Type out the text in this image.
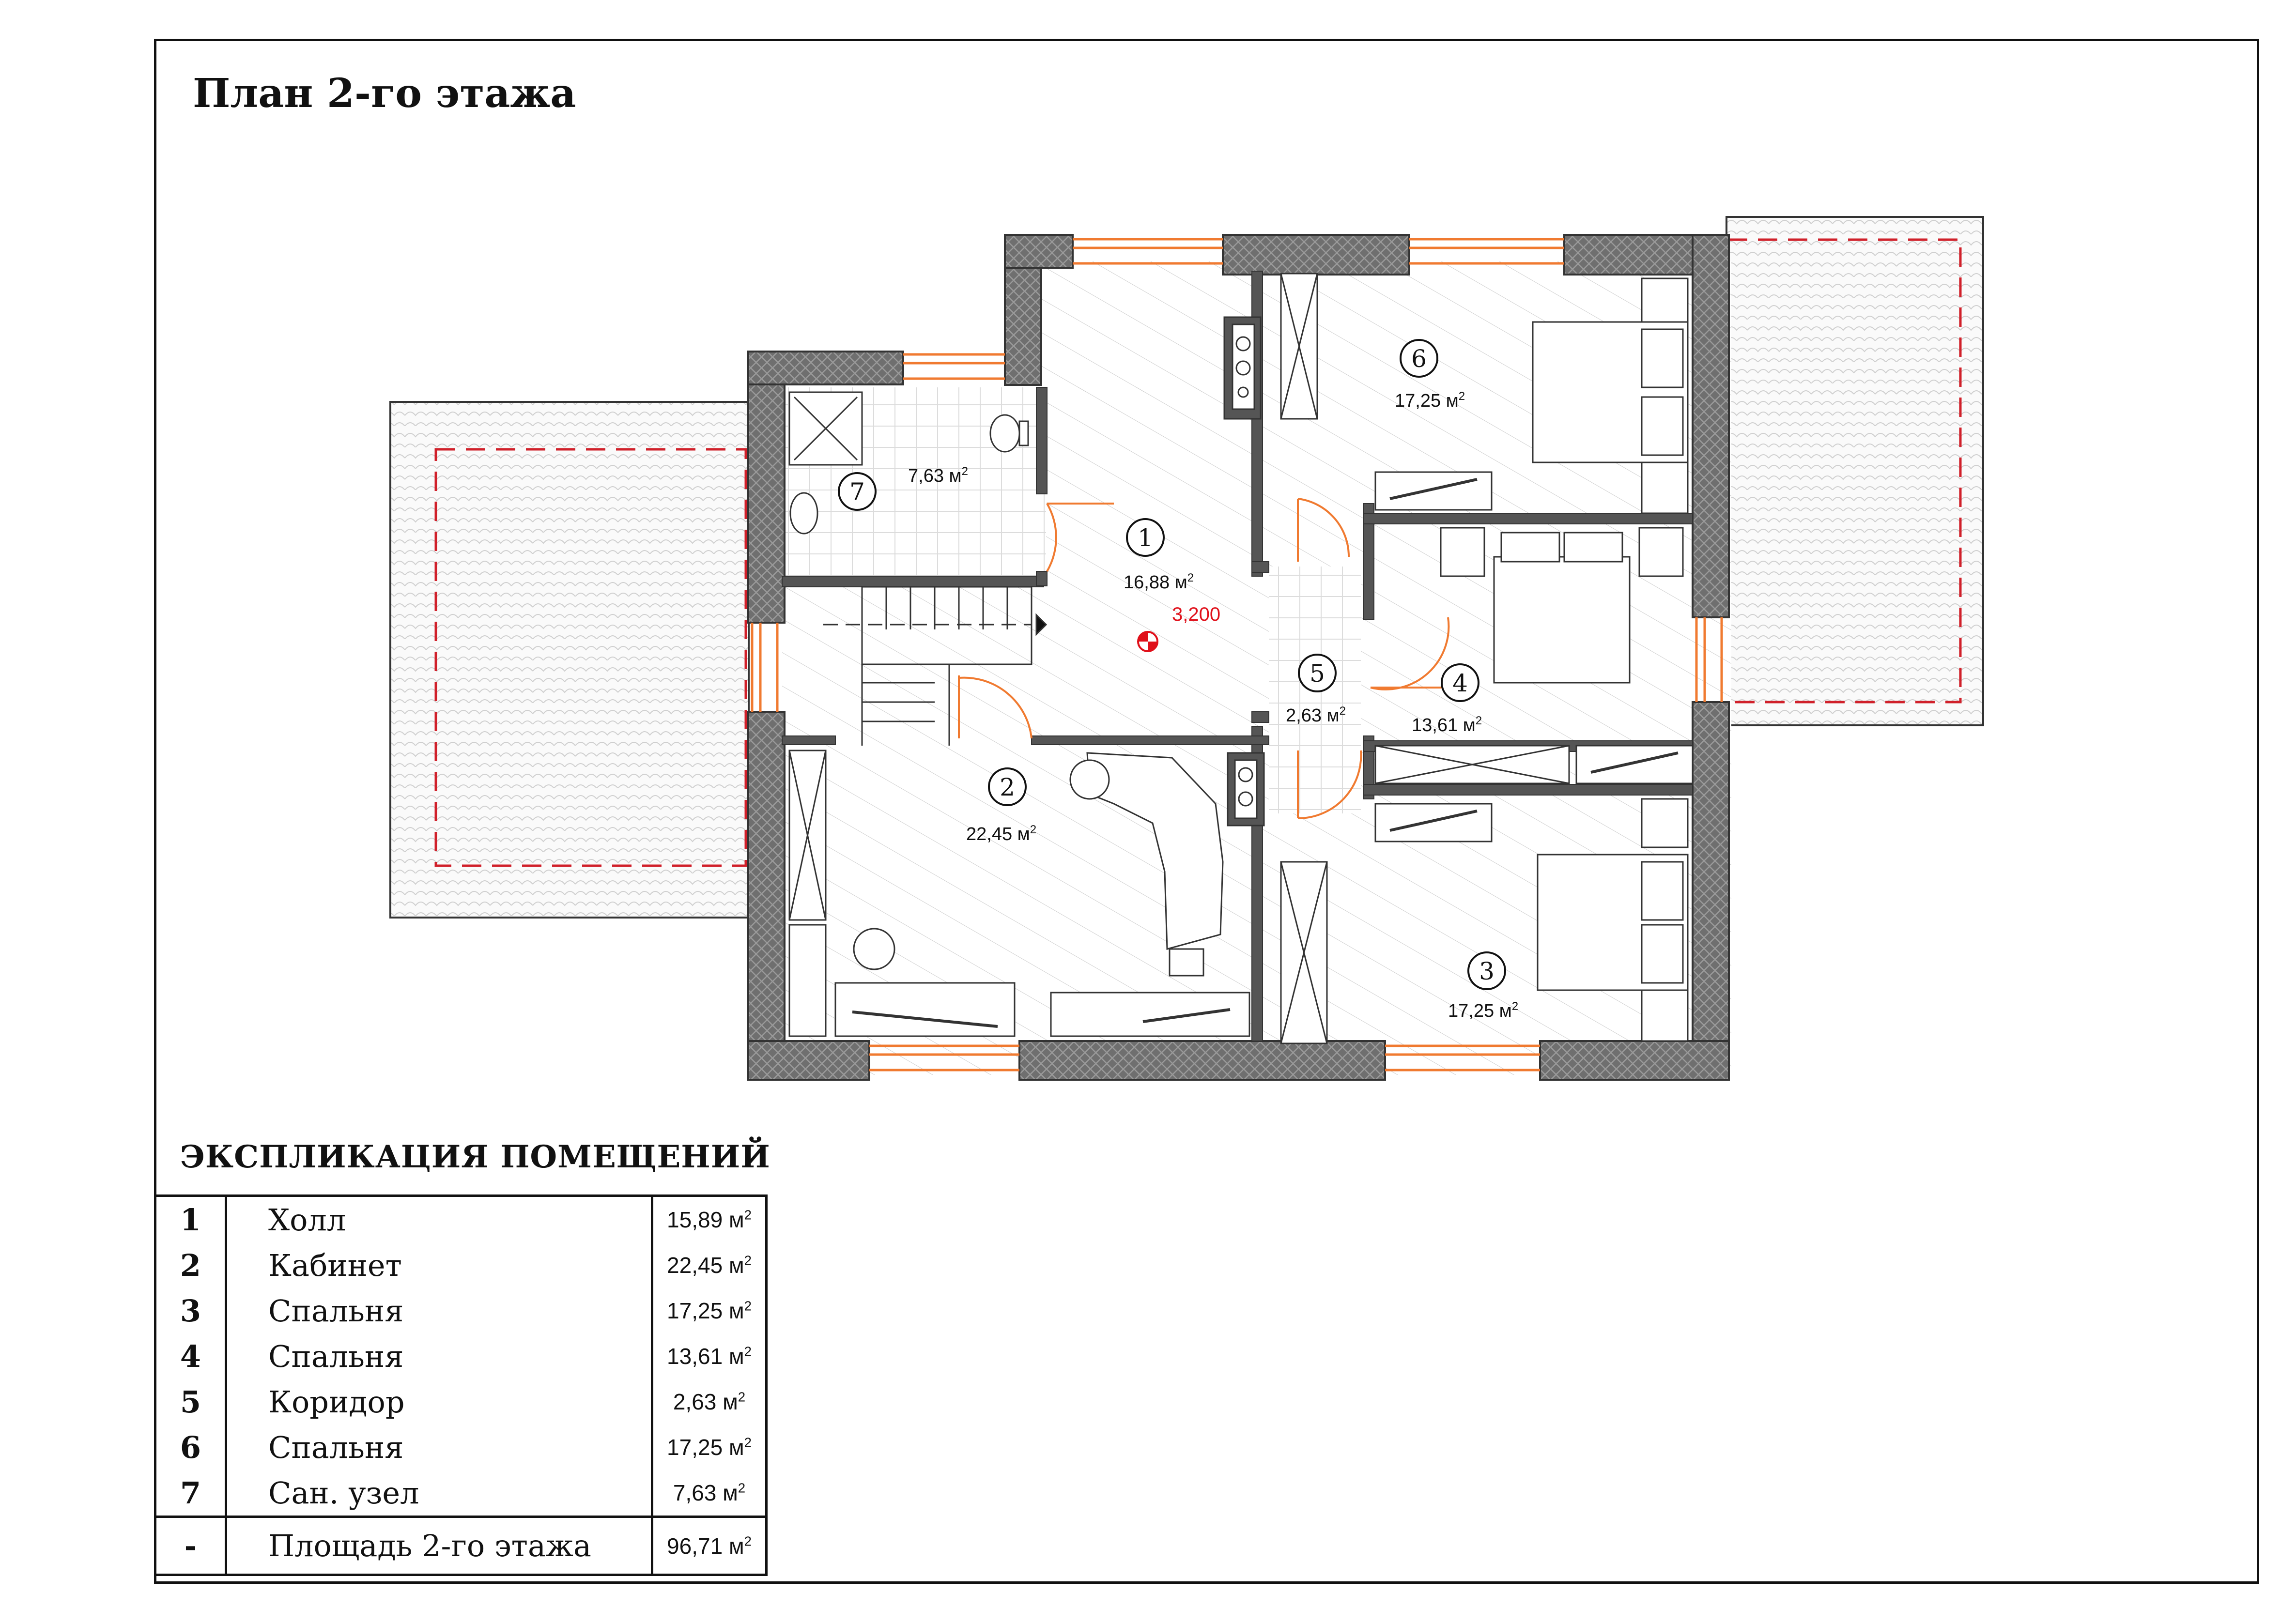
План 2-го этажа
1
16,88 $м^2$
2
22,45 $м^2$
3
17,25 $м^2$
4
13,61 $м^2$
5
2,63 $м^2$
6
17,25 $м^2$
7
7,63 $м^2$
3,200
ЭКСПЛИКАЦИЯ ПОМЕЩЕНИЙ
1	Холл	15,89 $м^2$
2	Кабинет	22,45 $м^2$
3	Спальня	17,25 $м^2$
4	Спальня	13,61 $м^2$
5	Коридор	2,63 $м^2$
6	Спальня	17,25 $м^2$
7	Сан. узел	7,63 $м^2$
-	Площадь 2-го этажа	96,71 $м^2$
